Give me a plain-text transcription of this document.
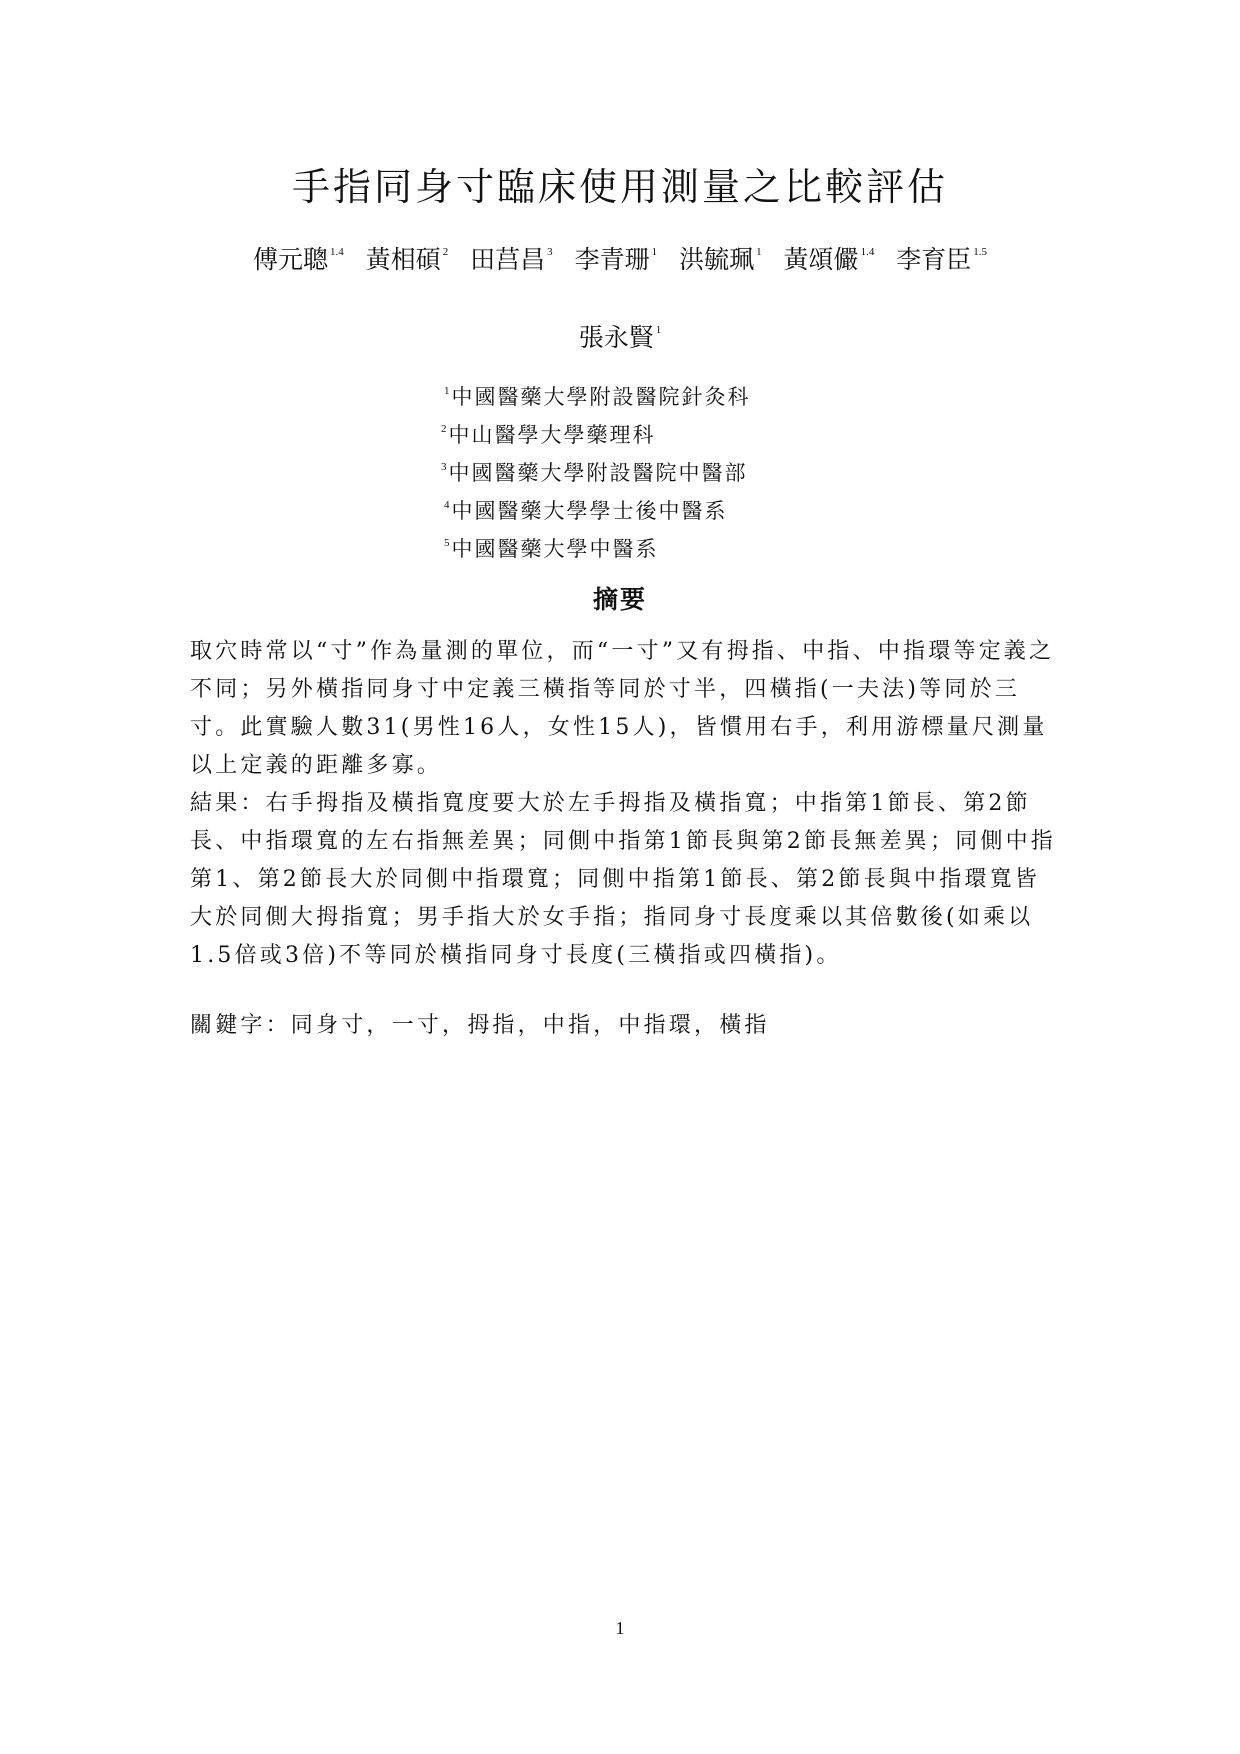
手指同身寸臨床使用測量之比較評估
傅元聰 $^{1.4}$ 黃相碩 $^2$ 田莒昌 $^3$ 李青珊 $^1$ 洪毓珮 $^1$ 黃頌儼 $^{1.4}$ 李育臣 $^{1.5}$
張永賢 $^1$
$^1$中國醫藥大學附設醫院針灸科
$^2$中山醫學大學藥理科
$^3$中國醫藥大學附設醫院中醫部
$^4$中國醫藥大學學士後中醫系
$^5$中國醫藥大學中醫系
摘要
取穴時常以“寸”作為量測的單位，而“一寸”又有拇指、中指、中指環等定義之不同；另外橫指同身寸中定義三橫指等同於寸半，四橫指(一夫法)等同於三寸。此實驗人數31(男性16人，女性15人)，皆慣用右手，利用游標量尺測量以上定義的距離多寡。
結果：右手拇指及橫指寬度要大於左手拇指及橫指寬；中指第1節長、第2節長、中指環寬的左右指無差異；同側中指第1節長與第2節長無差異；同側中指第1、第2節長大於同側中指環寬；同側中指第1節長、第2節長與中指環寬皆大於同側大拇指寬；男手指大於女手指；指同身寸長度乘以其倍數後(如乘以1.5倍或3倍)不等同於橫指同身寸長度(三橫指或四橫指)。
關鍵字：同身寸，一寸，拇指，中指，中指環，橫指
1
